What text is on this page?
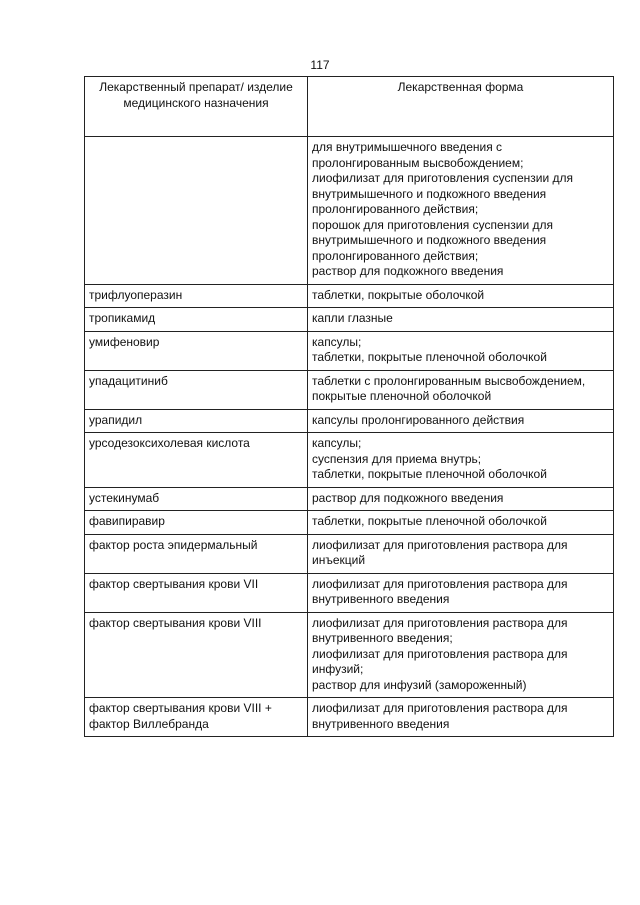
117
Лекарственный препарат/ изделие медицинского назначения	Лекарственная форма
	для внутримышечного введения с пролонгированным высвобождением;
лиофилизат для приготовления суспензии для внутримышечного и подкожного введения пролонгированного действия;
порошок для приготовления суспензии для внутримышечного и подкожного введения пролонгированного действия;
раствор для подкожного введения
трифлуоперазин	таблетки, покрытые оболочкой
тропикамид	капли глазные
умифеновир	капсулы;
таблетки, покрытые пленочной оболочкой
упадацитиниб	таблетки с пролонгированным высвобождением, покрытые пленочной оболочкой
урапидил	капсулы пролонгированного действия
урсодезоксихолевая кислота	капсулы;
суспензия для приема внутрь;
таблетки, покрытые пленочной оболочкой
устекинумаб	раствор для подкожного введения
фавипиравир	таблетки, покрытые пленочной оболочкой
фактор роста эпидермальный	лиофилизат для приготовления раствора для инъекций
фактор свертывания крови VII	лиофилизат для приготовления раствора для внутривенного введения
фактор свертывания крови VIII	лиофилизат для приготовления раствора для внутривенного введения;
лиофилизат для приготовления раствора для инфузий;
раствор для инфузий (замороженный)
фактор свертывания крови VIII + фактор Виллебранда	лиофилизат для приготовления раствора для внутривенного введения
